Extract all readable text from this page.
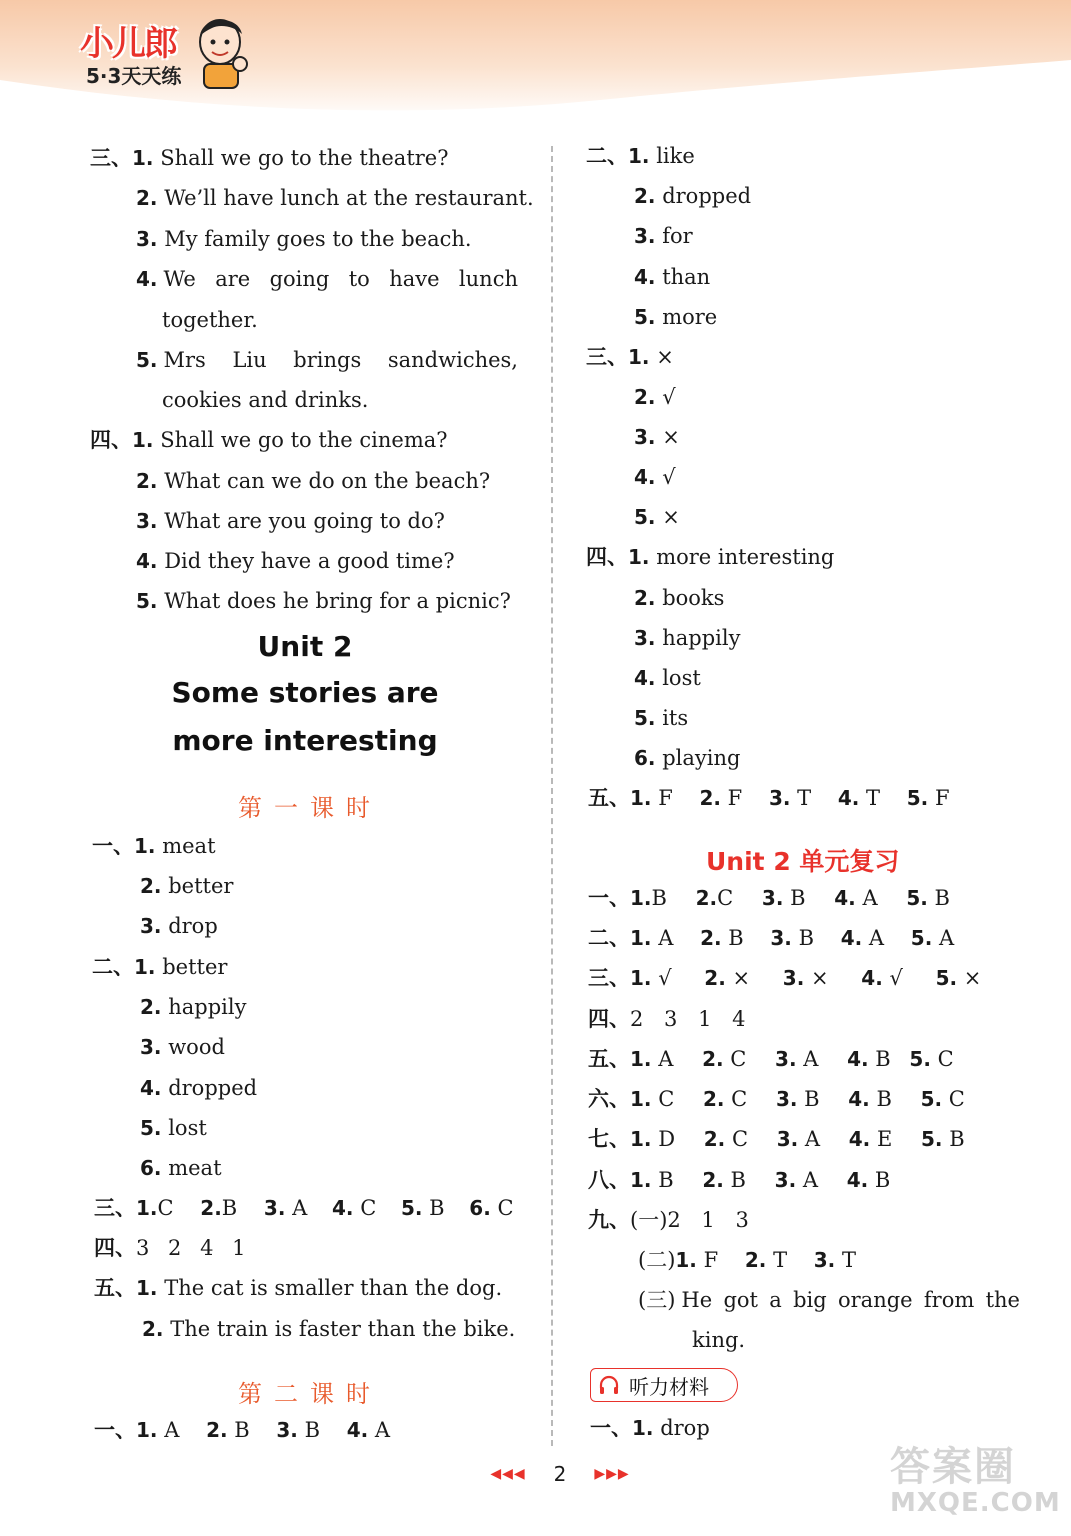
小儿郎
5·3天天练
三、1. Shall we go to the theatre?
2. We’ll have lunch at the restaurant.
3. My family goes to the beach.
4. We are going to have lunch
together.
5. Mrs Liu brings sandwiches,
cookies and drinks.
四、1. Shall we go to the cinema?
2. What can we do on the beach?
3. What are you going to do?
4. Did they have a good time?
5. What does he bring for a picnic?
Unit 2
Some stories are
more interesting
第一课时
一、1. meat
2. better
3. drop
二、1. better
2. happily
3. wood
4. dropped
5. lost
6. meat
三、1.C 2.B 3. A 4. C 5. B 6. C
四、3 2 4 1
五、1. The cat is smaller than the dog.
2. The train is faster than the bike.
第二课时
一、1. A 2. B 3. B 4. A
二、1. like
2. dropped
3. for
4. than
5. more
三、1. ×
2. √
3. ×
4. √
5. ×
四、1. more interesting
2. books
3. happily
4. lost
5. its
6. playing
五、1. F 2. F 3. T 4. T 5. F
Unit 2 单元复习
一、1.B 2.C 3. B 4. A 5. B
二、1. A 2. B 3. B 4. A 5. A
三、1. √ 2. × 3. × 4. √ 5. ×
四、2 3 1 4
五、1. A 2. C 3. A 4. B 5. C
六、1. C 2. C 3. B 4. B 5. C
七、1. D 2. C 3. A 4. E 5. B
八、1. B 2. B 3. A 4. B
九、(一)2 1 3
(二)1. F 2. T 3. T
(三) He got a big orange from the
king.
听力材料
一、1. drop
◀◀◀ 2 ▶▶▶	答案圈
MXQE.COM
